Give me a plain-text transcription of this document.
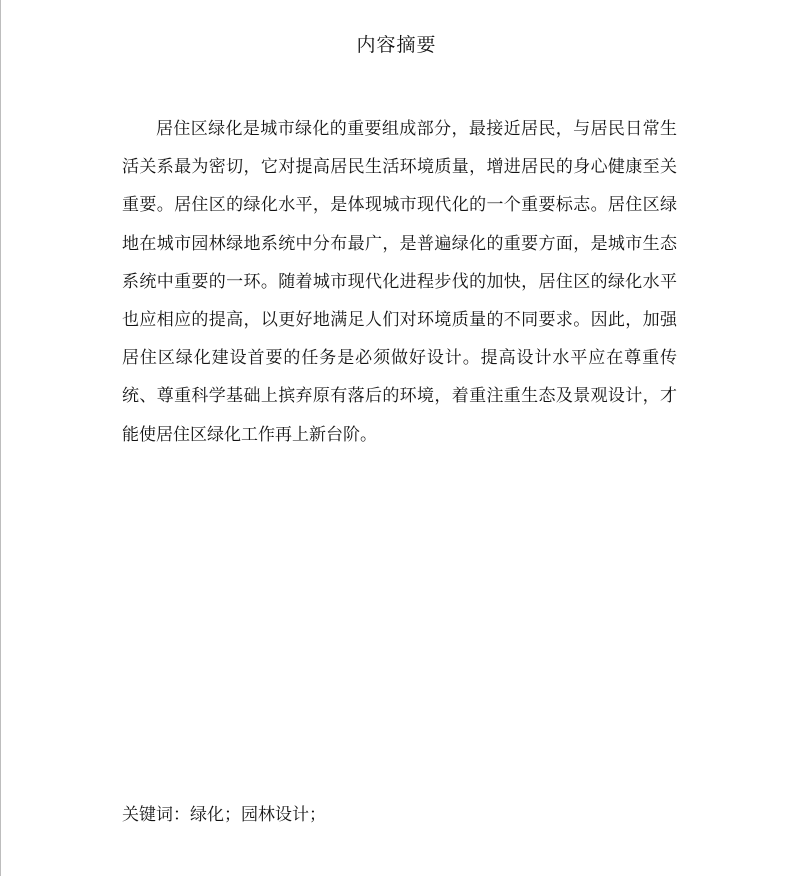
内容摘要

居住区绿化是城市绿化的重要组成部分，最接近居民，与居民日常生活关系最为密切，它对提高居民生活环境质量，增进居民的身心健康至关重要。居住区的绿化水平，是体现城市现代化的一个重要标志。居住区绿地在城市园林绿地系统中分布最广，是普遍绿化的重要方面，是城市生态系统中重要的一环。随着城市现代化进程步伐的加快，居住区的绿化水平也应相应的提高，以更好地满足人们对环境质量的不同要求。因此，加强居住区绿化建设首要的任务是必须做好设计。提高设计水平应在尊重传统、尊重科学基础上摈弃原有落后的环境，着重注重生态及景观设计，才能使居住区绿化工作再上新台阶。

关键词：绿化；园林设计；
